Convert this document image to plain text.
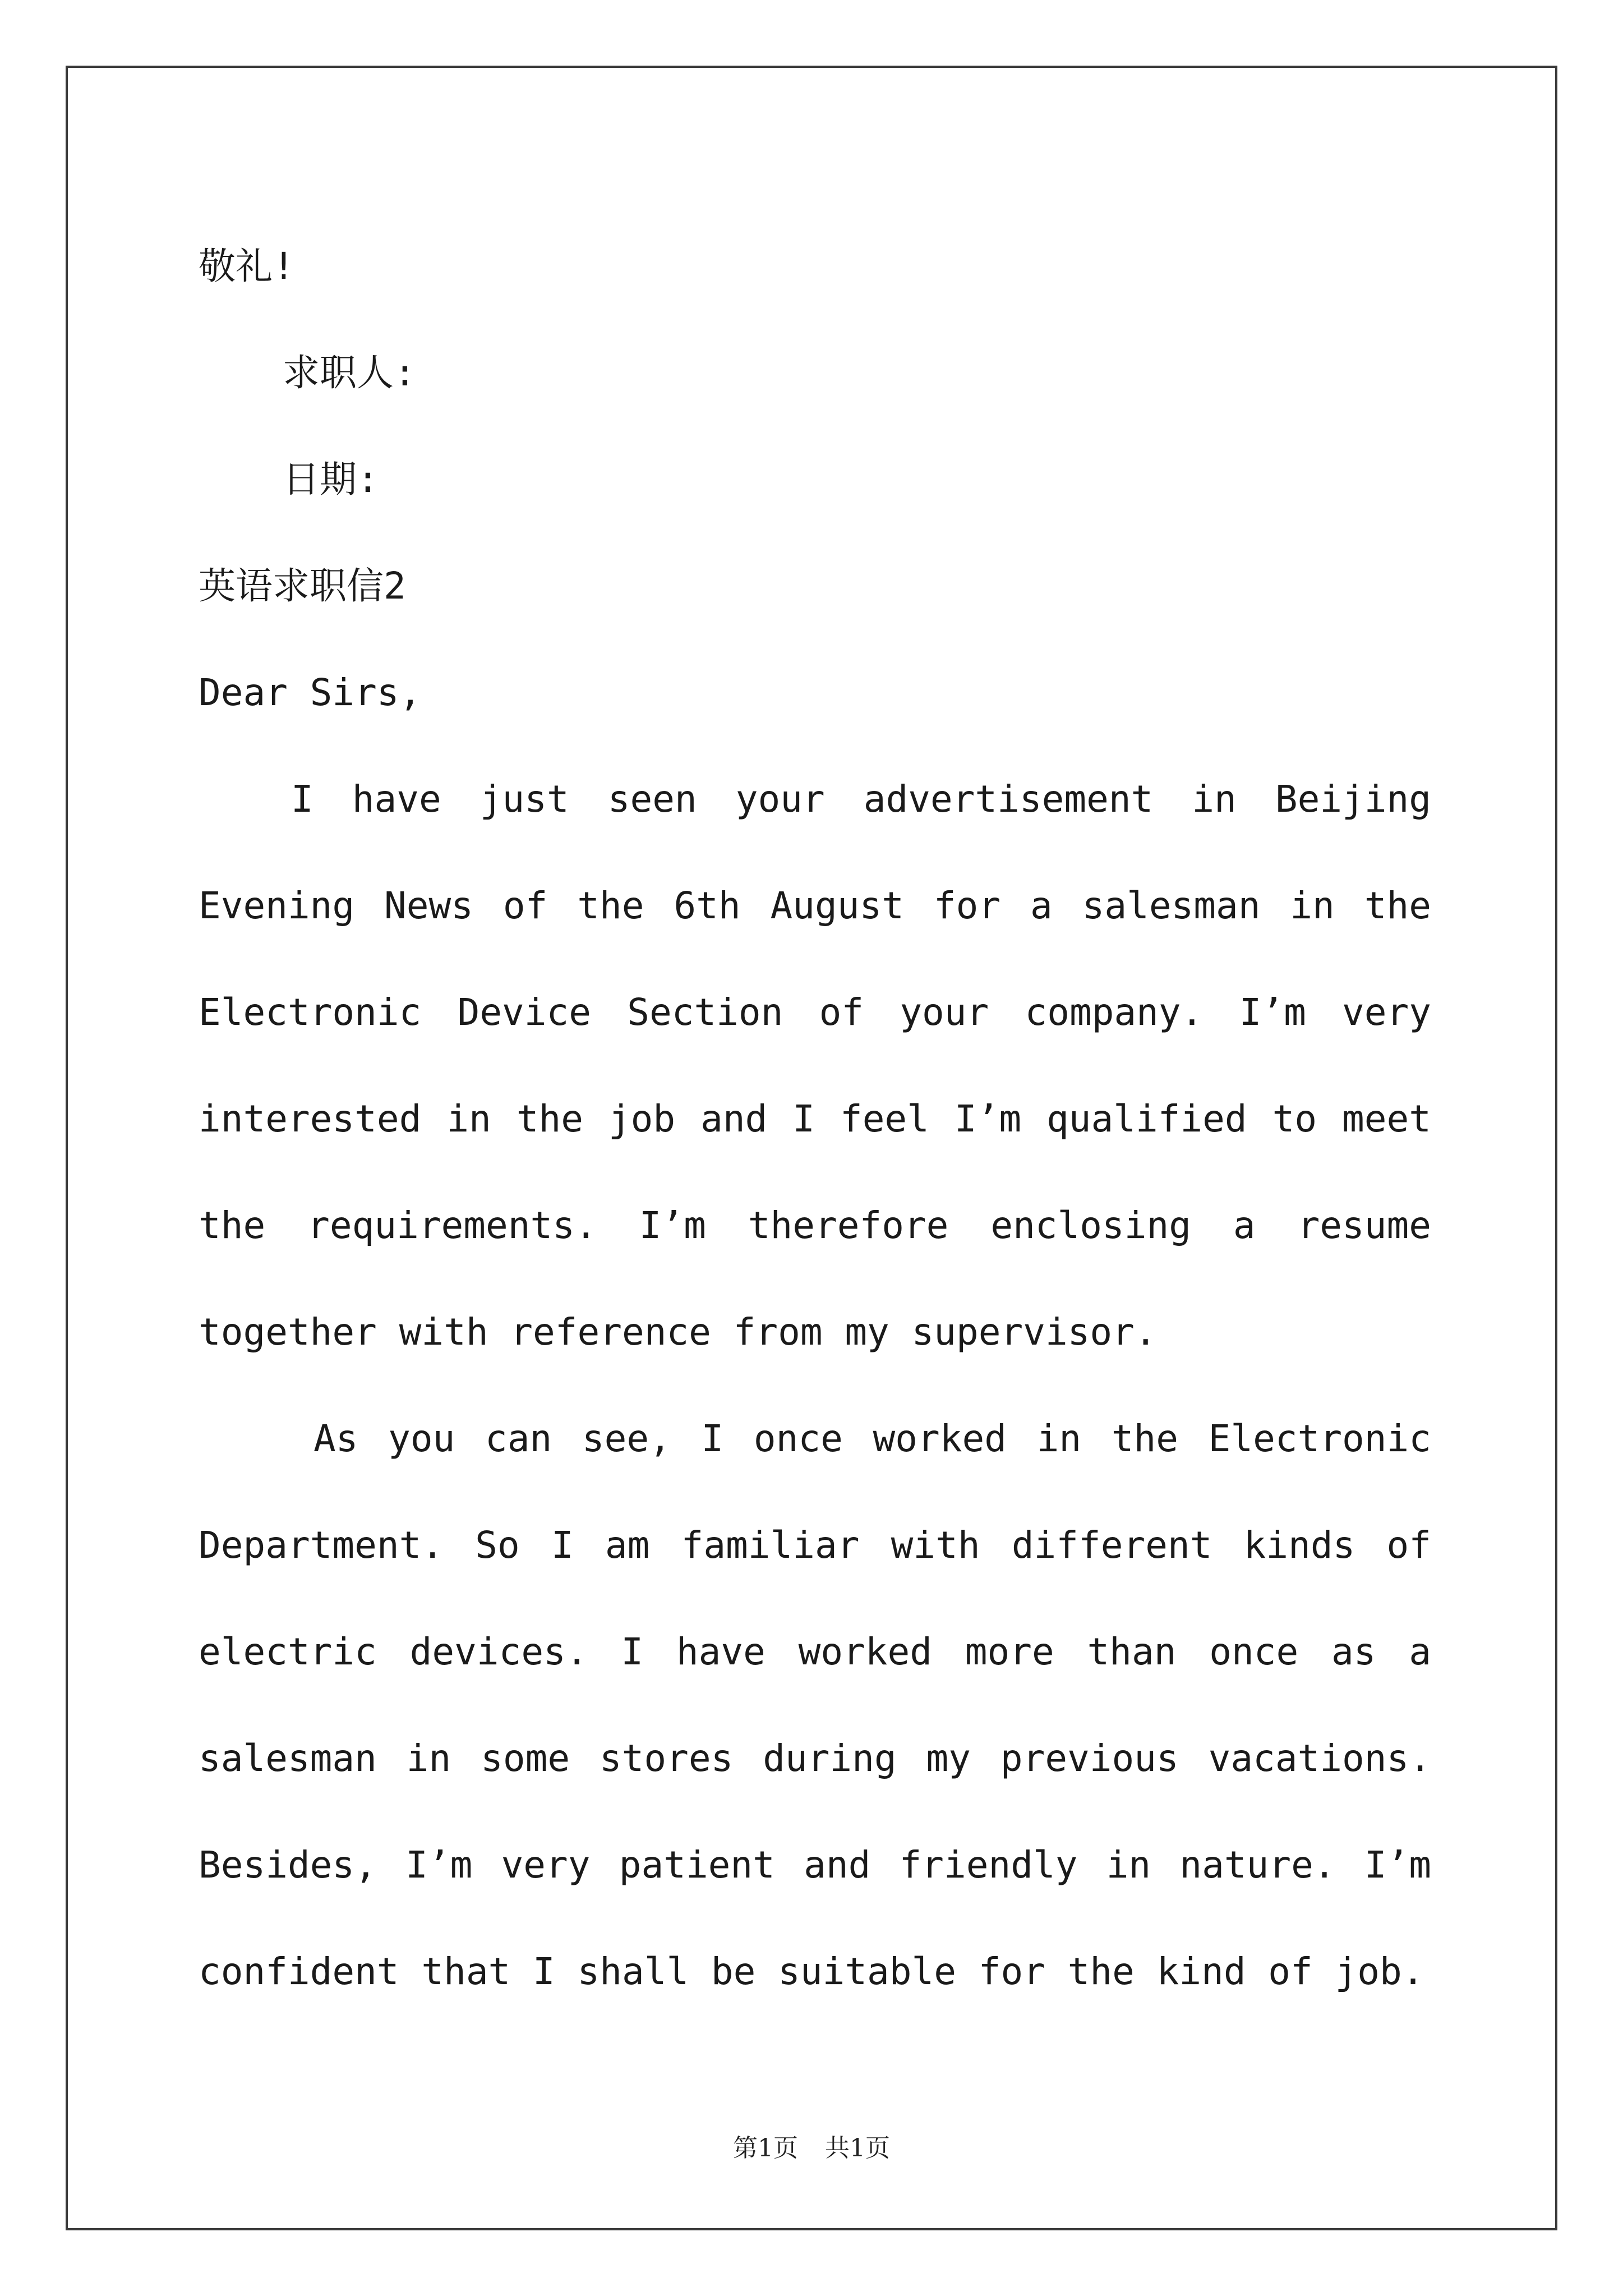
敬礼!

求职人:

日期:

英语求职信2

Dear Sirs,

I have just seen your advertisement in Beijing Evening News of the 6th August for a salesman in the Electronic Device Section of your company. I’m very interested in the job and I feel I’m qualified to meet the requirements. I’m therefore enclosing a resume together with reference from my supervisor.

As you can see, I once worked in the Electronic Department. So I am familiar with different kinds of electric devices. I have worked more than once as a salesman in some stores during my previous vacations. Besides, I’m very patient and friendly in nature. I’m confident that I shall be suitable for the kind of job.

第1页 共1页
